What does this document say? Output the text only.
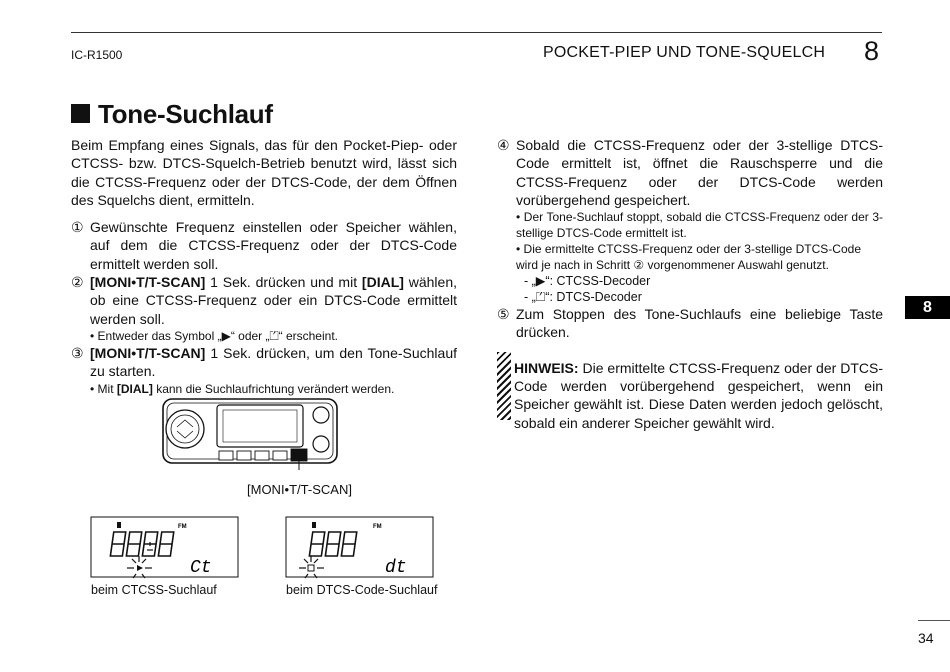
IC-R1500	POCKET-PIEP UND TONE-SQUELCH 8
Tone-Suchlauf

Beim Empfang eines Signals, das für den Pocket-Piep- oder CTCSS- bzw. DTCS-Squelch-Betrieb benutzt wird, lässt sich die CTCSS-Frequenz oder der DTCS-Code, der dem Öffnen des Squelchs dient, ermitteln.

① Gewünschte Frequenz einstellen oder Speicher wählen, auf dem die CTCSS-Frequenz oder der DTCS-Code ermittelt werden soll.
② [MONI•T/T-SCAN] 1 Sek. drücken und mit [DIAL] wählen, ob eine CTCSS-Frequenz oder ein DTCS-Code ermittelt werden soll.
• Entweder das Symbol „▶“ oder „⏍“ erscheint.
③ [MONI•T/T-SCAN] 1 Sek. drücken, um den Tone-Suchlauf zu starten.
• Mit [DIAL] kann die Suchlaufrichtung verändert werden.
[MONI•T/T-SCAN]
FM
Ct
beim CTCSS-Suchlauf
FM
dt
beim DTCS-Code-Suchlauf
④ Sobald die CTCSS-Frequenz oder der 3-stellige DTCS-Code ermittelt ist, öffnet die Rauschsperre und die CTCSS-Frequenz oder der DTCS-Code werden vorübergehend gespeichert.
• Der Tone-Suchlauf stoppt, sobald die CTCSS-Frequenz oder der 3-stellige DTCS-Code ermittelt ist.
• Die ermittelte CTCSS-Frequenz oder der 3-stellige DTCS-Code wird je nach in Schritt ② vorgenommener Auswahl genutzt.
- „▶“: CTCSS-Decoder
- „⏍“: DTCS-Decoder
⑤ Zum Stoppen des Tone-Suchlaufs eine beliebige Taste drücken.
HINWEIS: Die ermittelte CTCSS-Frequenz oder der DTCS-Code werden vorübergehend gespeichert, wenn ein Speicher gewählt ist. Diese Daten werden jedoch gelöscht, sobald ein anderer Speicher gewählt wird.
8
34
